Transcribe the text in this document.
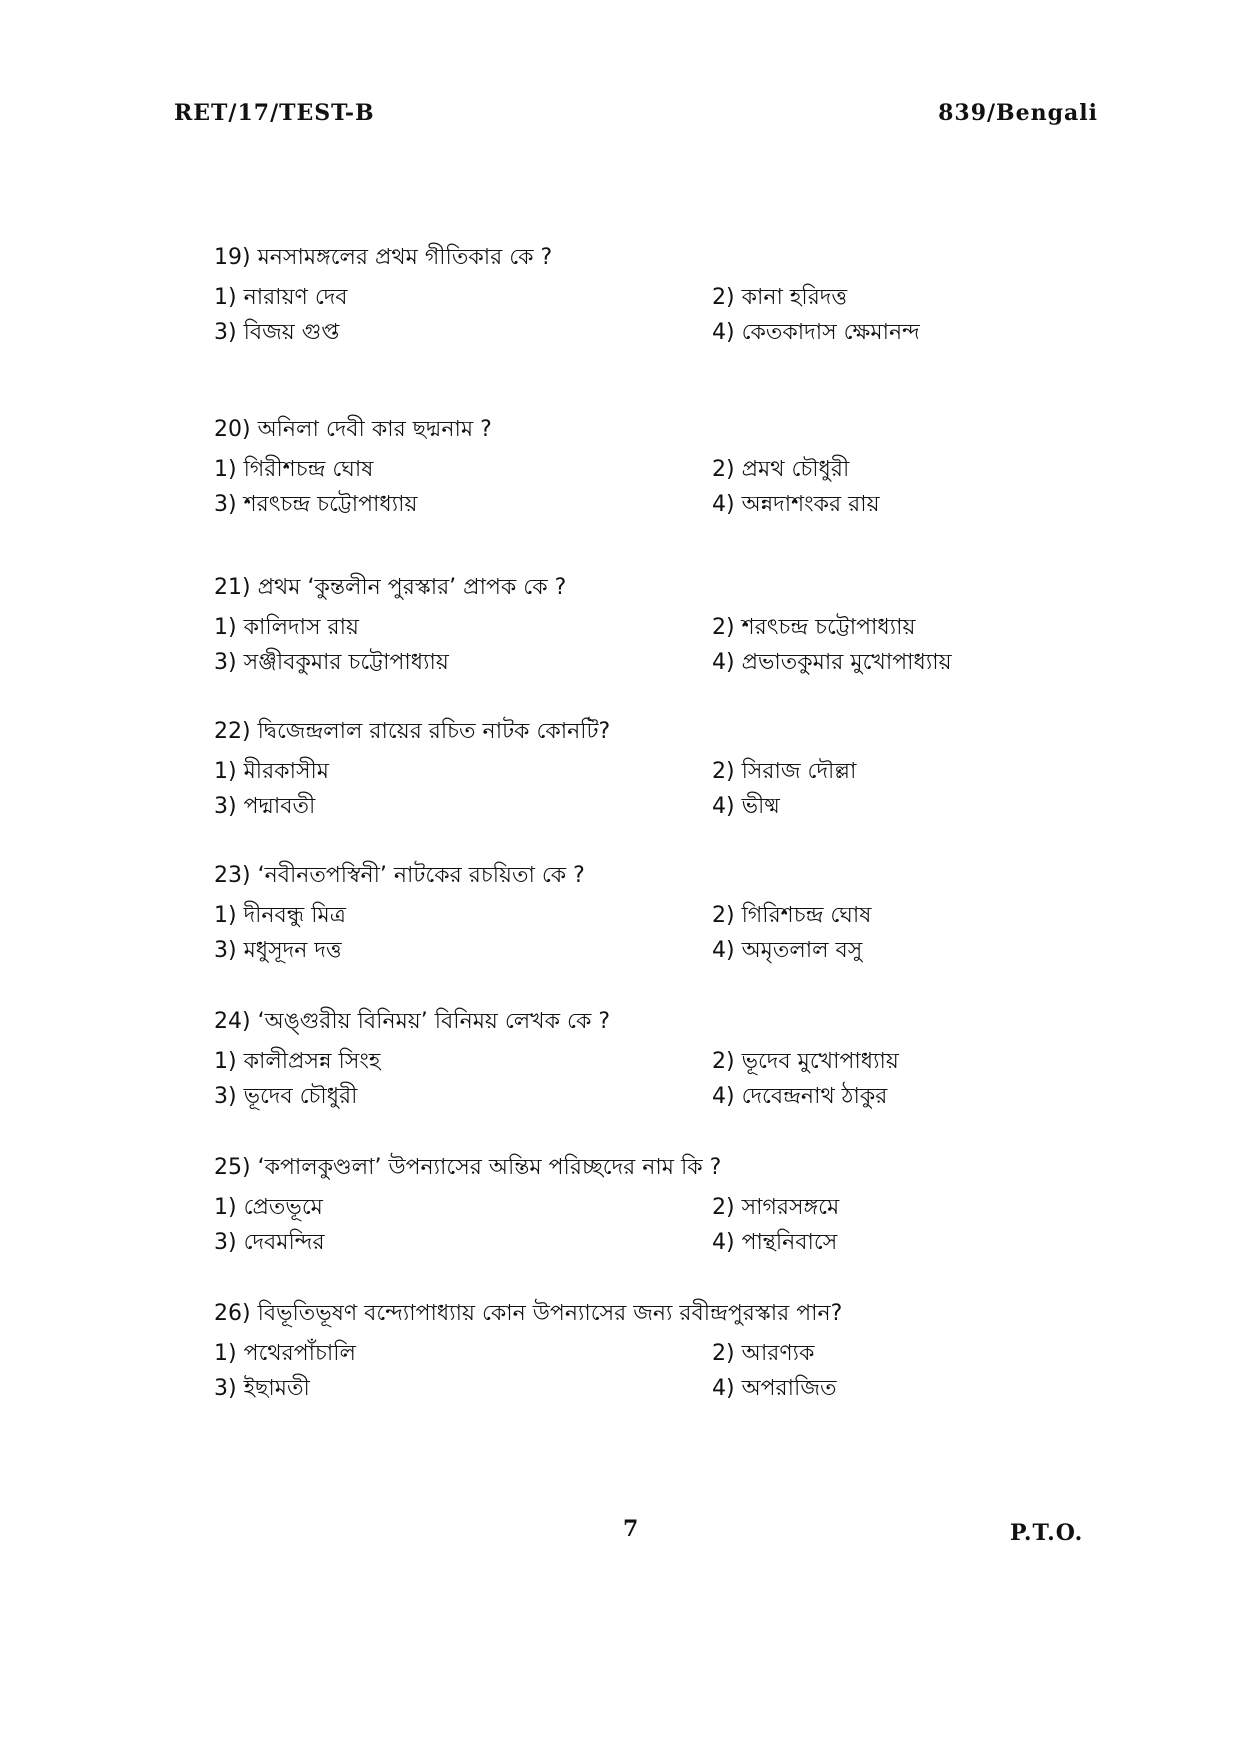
RET/17/TEST-B	839/Bengali
19) মনসামঙ্গলের প্রথম গীতিকার কে ?
1) নারায়ণ দেব	2) কানা হরিদত্ত
3) বিজয় গুপ্ত	4) কেতকাদাস ক্ষেমানন্দ
20) অনিলা দেবী কার ছদ্মনাম ?
1) গিরীশচন্দ্র ঘোষ	2) প্রমথ চৌধুরী
3) শরৎচন্দ্র চট্টোপাধ্যায়	4) অন্নদাশংকর রায়
21) প্রথম ‘কুন্তলীন পুরস্কার’ প্রাপক কে ?
1) কালিদাস রায়	2) শরৎচন্দ্র চট্টোপাধ্যায়
3) সঞ্জীবকুমার চট্টোপাধ্যায়	4) প্রভাতকুমার মুখোপাধ্যায়
22) দ্বিজেন্দ্রলাল রায়ের রচিত নাটক কোনটি?
1) মীরকাসীম	2) সিরাজ দৌল্লা
3) পদ্মাবতী	4) ভীষ্ম
23) ‘নবীনতপস্বিনী’ নাটকের রচয়িতা কে ?
1) দীনবন্ধু মিত্র	2) গিরিশচন্দ্র ঘোষ
3) মধুসূদন দত্ত	4) অমৃতলাল বসু
24) ‘অঙ্গুরীয় বিনিময়’ বিনিময় লেখক কে ?
1) কালীপ্রসন্ন সিংহ	2) ভূদেব মুখোপাধ্যায়
3) ভূদেব চৌধুরী	4) দেবেন্দ্রনাথ ঠাকুর
25) ‘কপালকুণ্ডলা’ উপন্যাসের অন্তিম পরিচ্ছদের নাম কি ?
1) প্রেতভূমে	2) সাগরসঙ্গমে
3) দেবমন্দির	4) পান্থনিবাসে
26) বিভূতিভূষণ বন্দ্যোপাধ্যায় কোন উপন্যাসের জন্য রবীন্দ্রপুরস্কার পান?
1) পথেরপাঁচালি	2) আরণ্যক
3) ইছামতী	4) অপরাজিত
7	P.T.O.
